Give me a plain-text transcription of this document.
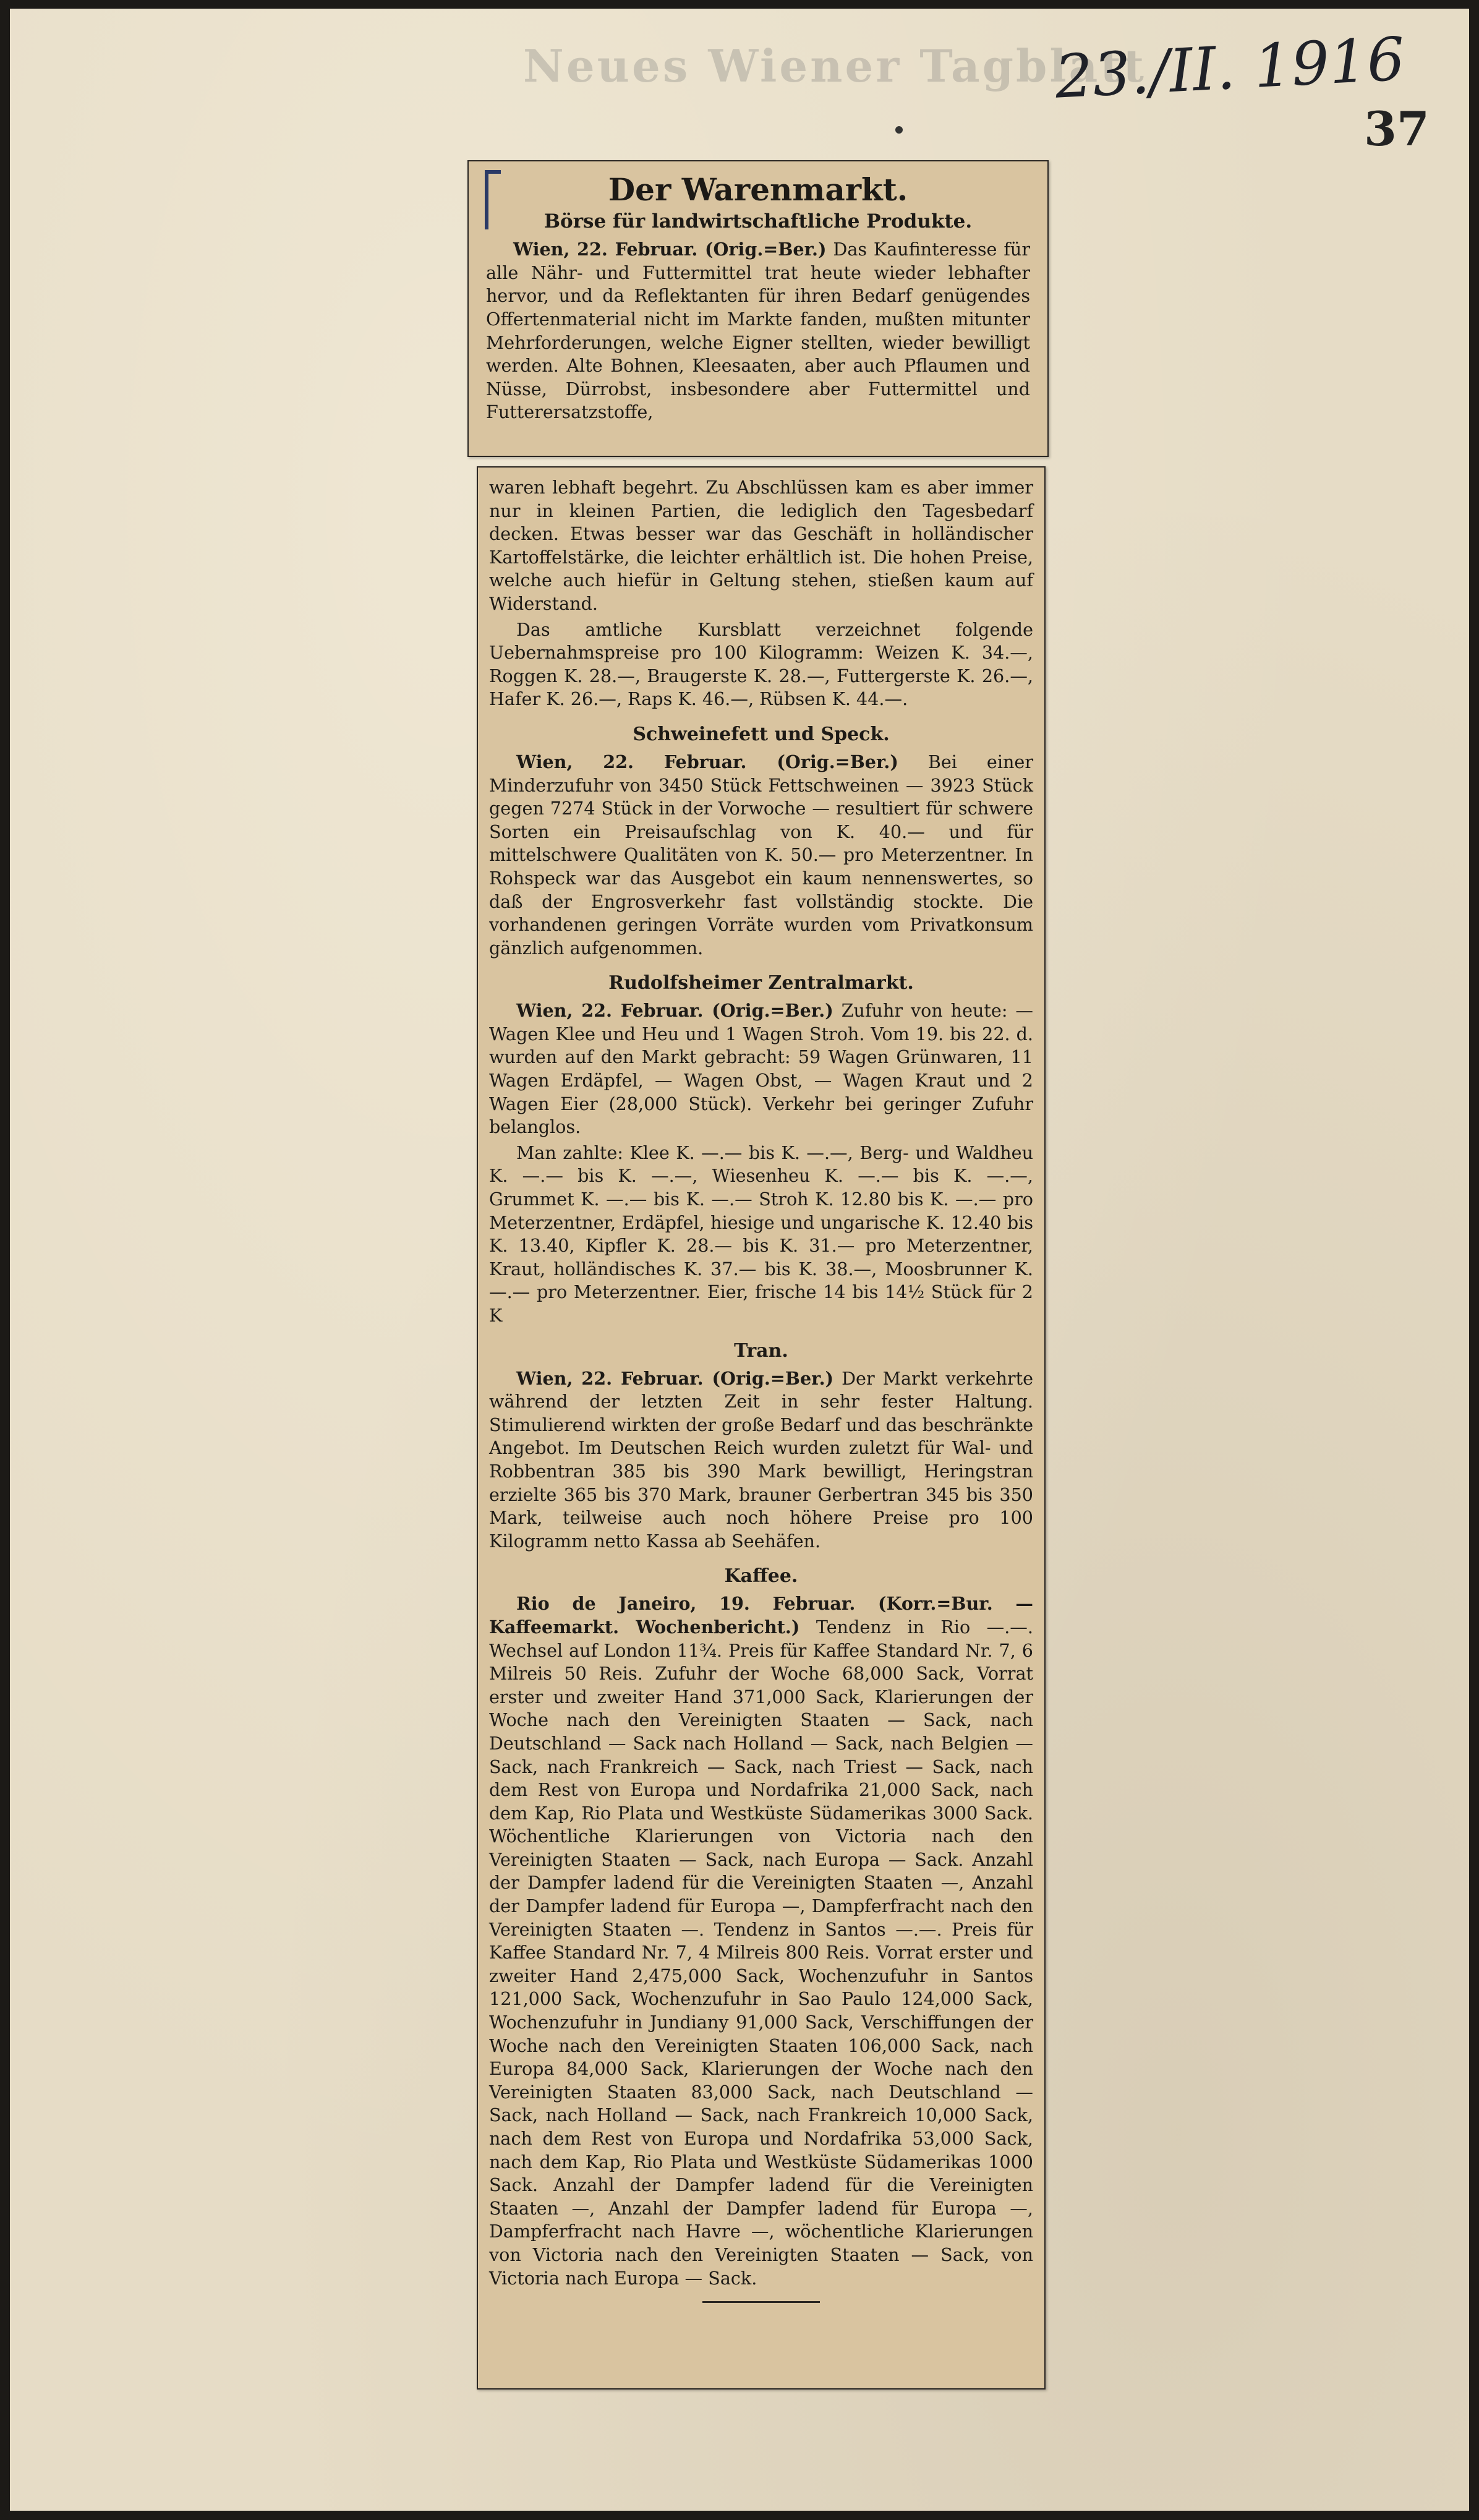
Neues Wiener Tagblatt
23./II. 1916
37
Der Warenmarkt.
Börse für landwirtschaftliche Produkte.

Wien, 22. Februar. (Orig.=Ber.) Das Kaufinteresse für alle Nähr- und Futtermittel trat heute wieder lebhafter hervor, und da Reflektanten für ihren Bedarf genügendes Offertenmaterial nicht im Markte fanden, mußten mitunter Mehrforderungen, welche Eigner stellten, wieder bewilligt werden. Alte Bohnen, Kleesaaten, aber auch Pflaumen und Nüsse, Dürrobst, insbesondere aber Futtermittel und Futterersatzstoffe,

waren lebhaft begehrt. Zu Abschlüssen kam es aber immer nur in kleinen Partien, die lediglich den Tagesbedarf decken. Etwas besser war das Geschäft in holländischer Kartoffelstärke, die leichter erhältlich ist. Die hohen Preise, welche auch hiefür in Geltung stehen, stießen kaum auf Widerstand.

Das amtliche Kursblatt verzeichnet folgende Uebernahmspreise pro 100 Kilogramm: Weizen K. 34.—, Roggen K. 28.—, Braugerste K. 28.—, Futtergerste K. 26.—, Hafer K. 26.—, Raps K. 46.—, Rübsen K. 44.—.

Schweinefett und Speck.

Wien, 22. Februar. (Orig.=Ber.) Bei einer Minderzufuhr von 3450 Stück Fettschweinen — 3923 Stück gegen 7274 Stück in der Vorwoche — resultiert für schwere Sorten ein Preisaufschlag von K. 40.— und für mittelschwere Qualitäten von K. 50.— pro Meterzentner. In Rohspeck war das Ausgebot ein kaum nennenswertes, so daß der Engrosverkehr fast vollständig stockte. Die vorhandenen geringen Vorräte wurden vom Privatkonsum gänzlich aufgenommen.

Rudolfsheimer Zentralmarkt.

Wien, 22. Februar. (Orig.=Ber.) Zufuhr von heute: — Wagen Klee und Heu und 1 Wagen Stroh. Vom 19. bis 22. d. wurden auf den Markt gebracht: 59 Wagen Grünwaren, 11 Wagen Erdäpfel, — Wagen Obst, — Wagen Kraut und 2 Wagen Eier (28,000 Stück). Verkehr bei geringer Zufuhr belanglos.

Man zahlte: Klee K. —.— bis K. —.—, Berg- und Waldheu K. —.— bis K. —.—, Wiesenheu K. —.— bis K. —.—, Grummet K. —.— bis K. —.— Stroh K. 12.80 bis K. —.— pro Meterzentner, Erdäpfel, hiesige und ungarische K. 12.40 bis K. 13.40, Kipfler K. 28.— bis K. 31.— pro Meterzentner, Kraut, holländisches K. 37.— bis K. 38.—, Moosbrunner K. —.— pro Meterzentner. Eier, frische 14 bis 14½ Stück für 2 K

Tran.

Wien, 22. Februar. (Orig.=Ber.) Der Markt verkehrte während der letzten Zeit in sehr fester Haltung. Stimulierend wirkten der große Bedarf und das beschränkte Angebot. Im Deutschen Reich wurden zuletzt für Wal- und Robbentran 385 bis 390 Mark bewilligt, Heringstran erzielte 365 bis 370 Mark, brauner Gerbertran 345 bis 350 Mark, teilweise auch noch höhere Preise pro 100 Kilogramm netto Kassa ab Seehäfen.

Kaffee.

Rio de Janeiro, 19. Februar. (Korr.=Bur. — Kaffeemarkt. Wochenbericht.) Tendenz in Rio —.—. Wechsel auf London 11¾. Preis für Kaffee Standard Nr. 7, 6 Milreis 50 Reis. Zufuhr der Woche 68,000 Sack, Vorrat erster und zweiter Hand 371,000 Sack, Klarierungen der Woche nach den Vereinigten Staaten — Sack, nach Deutschland — Sack nach Holland — Sack, nach Belgien — Sack, nach Frankreich — Sack, nach Triest — Sack, nach dem Rest von Europa und Nordafrika 21,000 Sack, nach dem Kap, Rio Plata und Westküste Südamerikas 3000 Sack. Wöchentliche Klarierungen von Victoria nach den Vereinigten Staaten — Sack, nach Europa — Sack. Anzahl der Dampfer ladend für die Vereinigten Staaten —, Anzahl der Dampfer ladend für Europa —, Dampferfracht nach den Vereinigten Staaten —. Tendenz in Santos —.—. Preis für Kaffee Standard Nr. 7, 4 Milreis 800 Reis. Vorrat erster und zweiter Hand 2,475,000 Sack, Wochenzufuhr in Santos 121,000 Sack, Wochenzufuhr in Sao Paulo 124,000 Sack, Wochenzufuhr in Jundiany 91,000 Sack, Verschiffungen der Woche nach den Vereinigten Staaten 106,000 Sack, nach Europa 84,000 Sack, Klarierungen der Woche nach den Vereinigten Staaten 83,000 Sack, nach Deutschland — Sack, nach Holland — Sack, nach Frankreich 10,000 Sack, nach dem Rest von Europa und Nordafrika 53,000 Sack, nach dem Kap, Rio Plata und Westküste Südamerikas 1000 Sack. Anzahl der Dampfer ladend für die Vereinigten Staaten —, Anzahl der Dampfer ladend für Europa —, Dampferfracht nach Havre —, wöchentliche Klarierungen von Victoria nach den Vereinigten Staaten — Sack, von Victoria nach Europa — Sack.
